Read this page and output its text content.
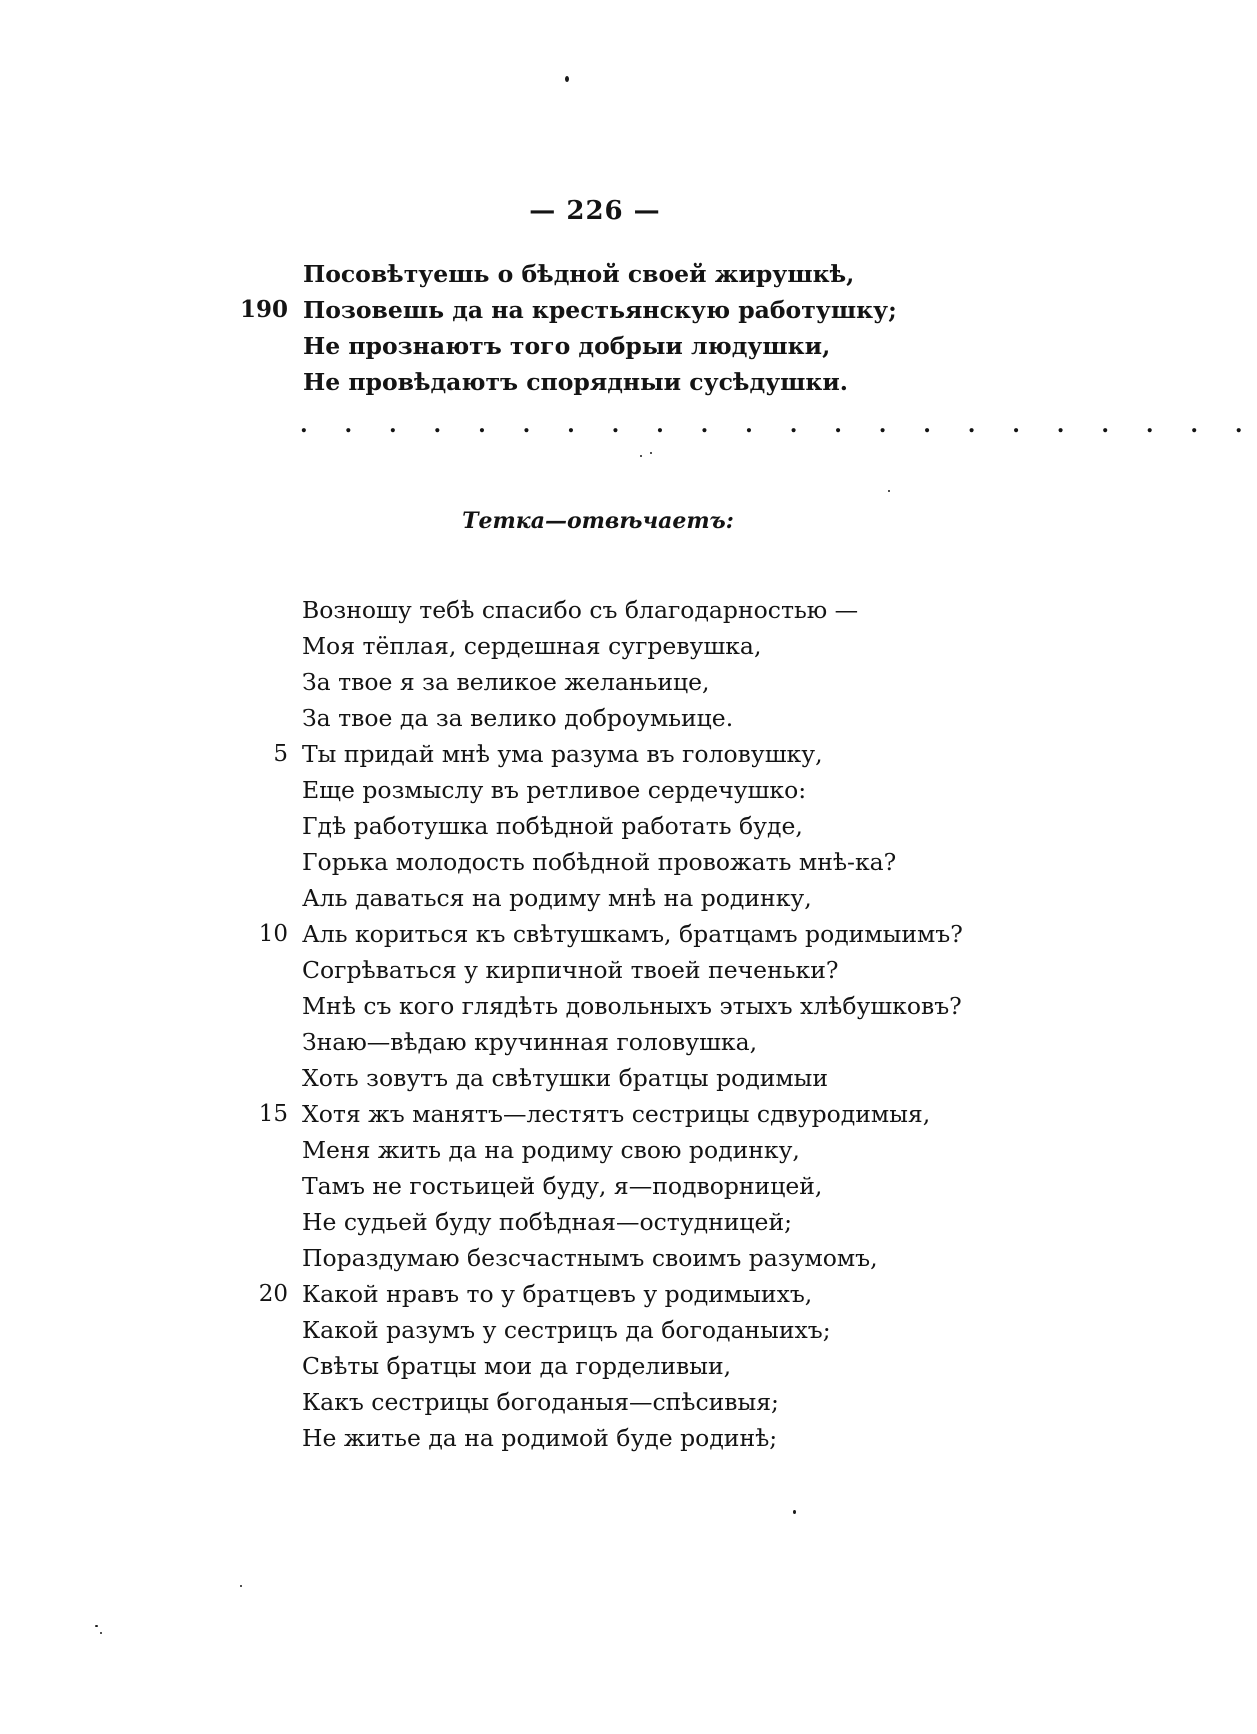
— 226 —
Посовѣтуешь о бѣдной своей жирушкѣ,
190 Позовешь да на крестьянскую работушку;
Не прознаютъ того добрыи людушки,
Не провѣдаютъ спорядныи сусѣдушки.
. . . . . . . . . . . . . . . . . . . . . .
Тетка—отвѣчаетъ:
Возношу тебѣ спасибо съ благодарностью —
Моя тёплая, сердешная сугревушка,
За твое я за великое желаньице,
За твое да за велико доброумьице.
5 Ты придай мнѣ ума разума въ головушку,
Еще розмыслу въ ретливое сердечушко:
Гдѣ работушка побѣдной работать буде,
Горька молодость побѣдной провожать мнѣ-ка?
Аль даваться на родиму мнѣ на родинку,
10 Аль кориться къ свѣтушкамъ, братцамъ родимыимъ?
Согрѣваться у кирпичной твоей печеньки?
Мнѣ съ кого глядѣть довольныхъ этыхъ хлѣбушковъ?
Знаю—вѣдаю кручинная головушка,
Хоть зовутъ да свѣтушки братцы родимыи
15 Хотя жъ манятъ—лестятъ сестрицы сдвуродимыя,
Меня жить да на родиму свою родинку,
Тамъ не гостьицей буду, я—подворницей,
Не судьей буду побѣдная—остудницей;
Пораздумаю безсчастнымъ своимъ разумомъ,
20 Какой нравъ то у братцевъ у родимыихъ,
Какой разумъ у сестрицъ да богоданыихъ;
Свѣты братцы мои да горделивыи,
Какъ сестрицы богоданыя—спѣсивыя;
Не житье да на родимой буде родинѣ;
